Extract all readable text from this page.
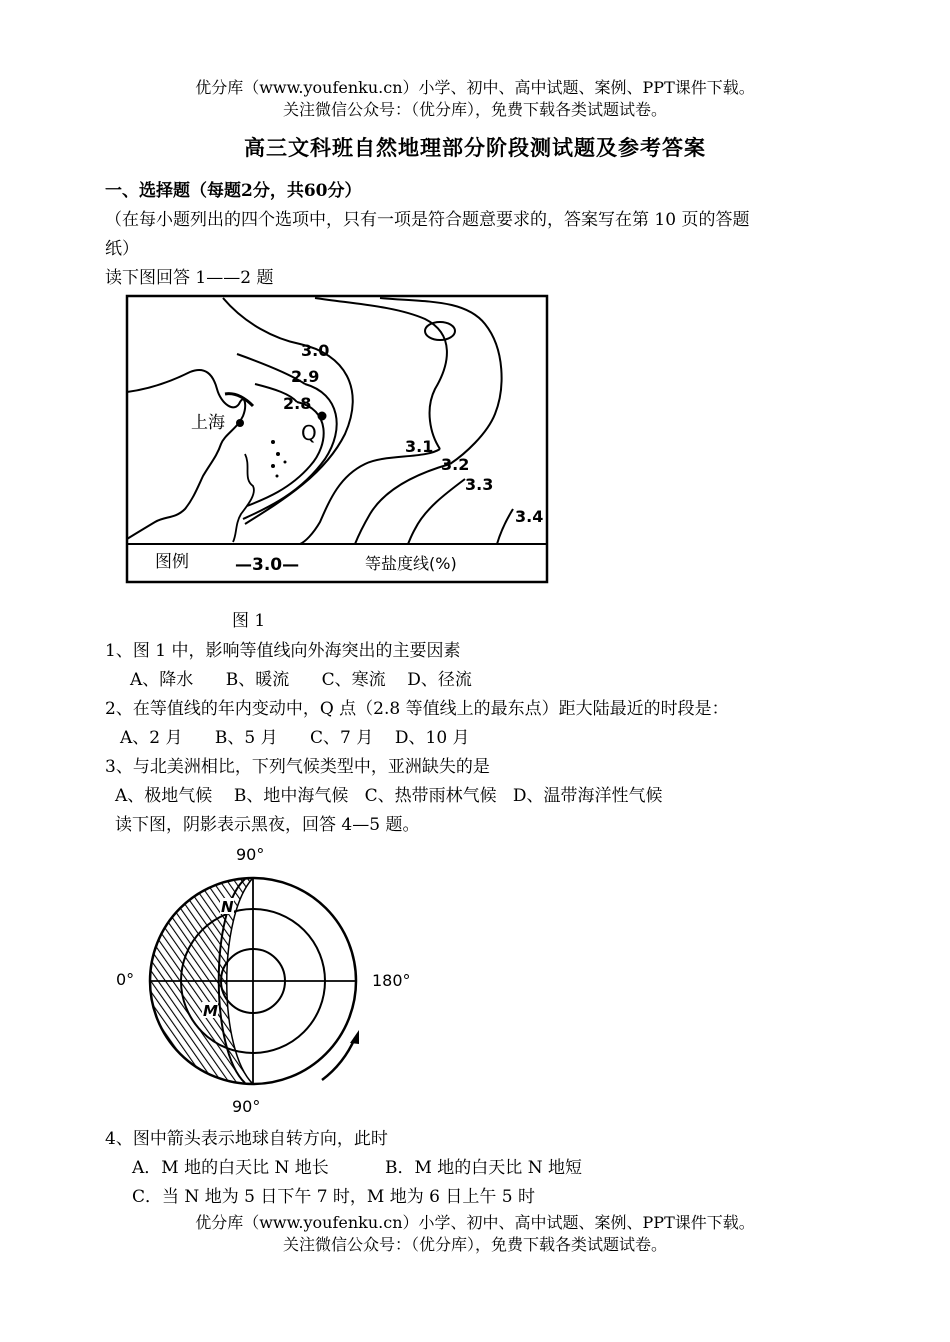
优分库（www.youfenku.cn）小学、初中、高中试题、案例、PPT课件下载。
关注微信公众号：（优分库），免费下载各类试题试卷。
高三文科班自然地理部分阶段测试题及参考答案
一、选择题（每题2分，共60分）
（在每小题列出的四个选项中，只有一项是符合题意要求的，答案写在第 10 页的答题
纸）
读下图回答 1——2 题
3.0
2.9
2.8
3.1
3.2
3.3
3.4
上海	Q
图例	—3.0—	等盐度线(%)
图 1
1、图 1 中，影响等值线向外海突出的主要因素
A、降水      B、暖流      C、寒流    D、径流
2、在等值线的年内变动中，Q 点（2.8 等值线上的最东点）距大陆最近的时段是：
A、2 月      B、5 月      C、7 月    D、10 月
3、与北美洲相比，下列气候类型中，亚洲缺失的是
A、极地气候    B、地中海气候   C、热带雨林气候   D、温带海洋性气候
读下图，阴影表示黑夜，回答 4—5 题。
90°
90°
0°	180°
N
M
4、图中箭头表示地球自转方向，此时
A．M 地的白天比 N 地长	B．M 地的白天比 N 地短
C．当 N 地为 5 日下午 7 时，M 地为 6 日上午 5 时
优分库（www.youfenku.cn）小学、初中、高中试题、案例、PPT课件下载。
关注微信公众号：（优分库），免费下载各类试题试卷。
